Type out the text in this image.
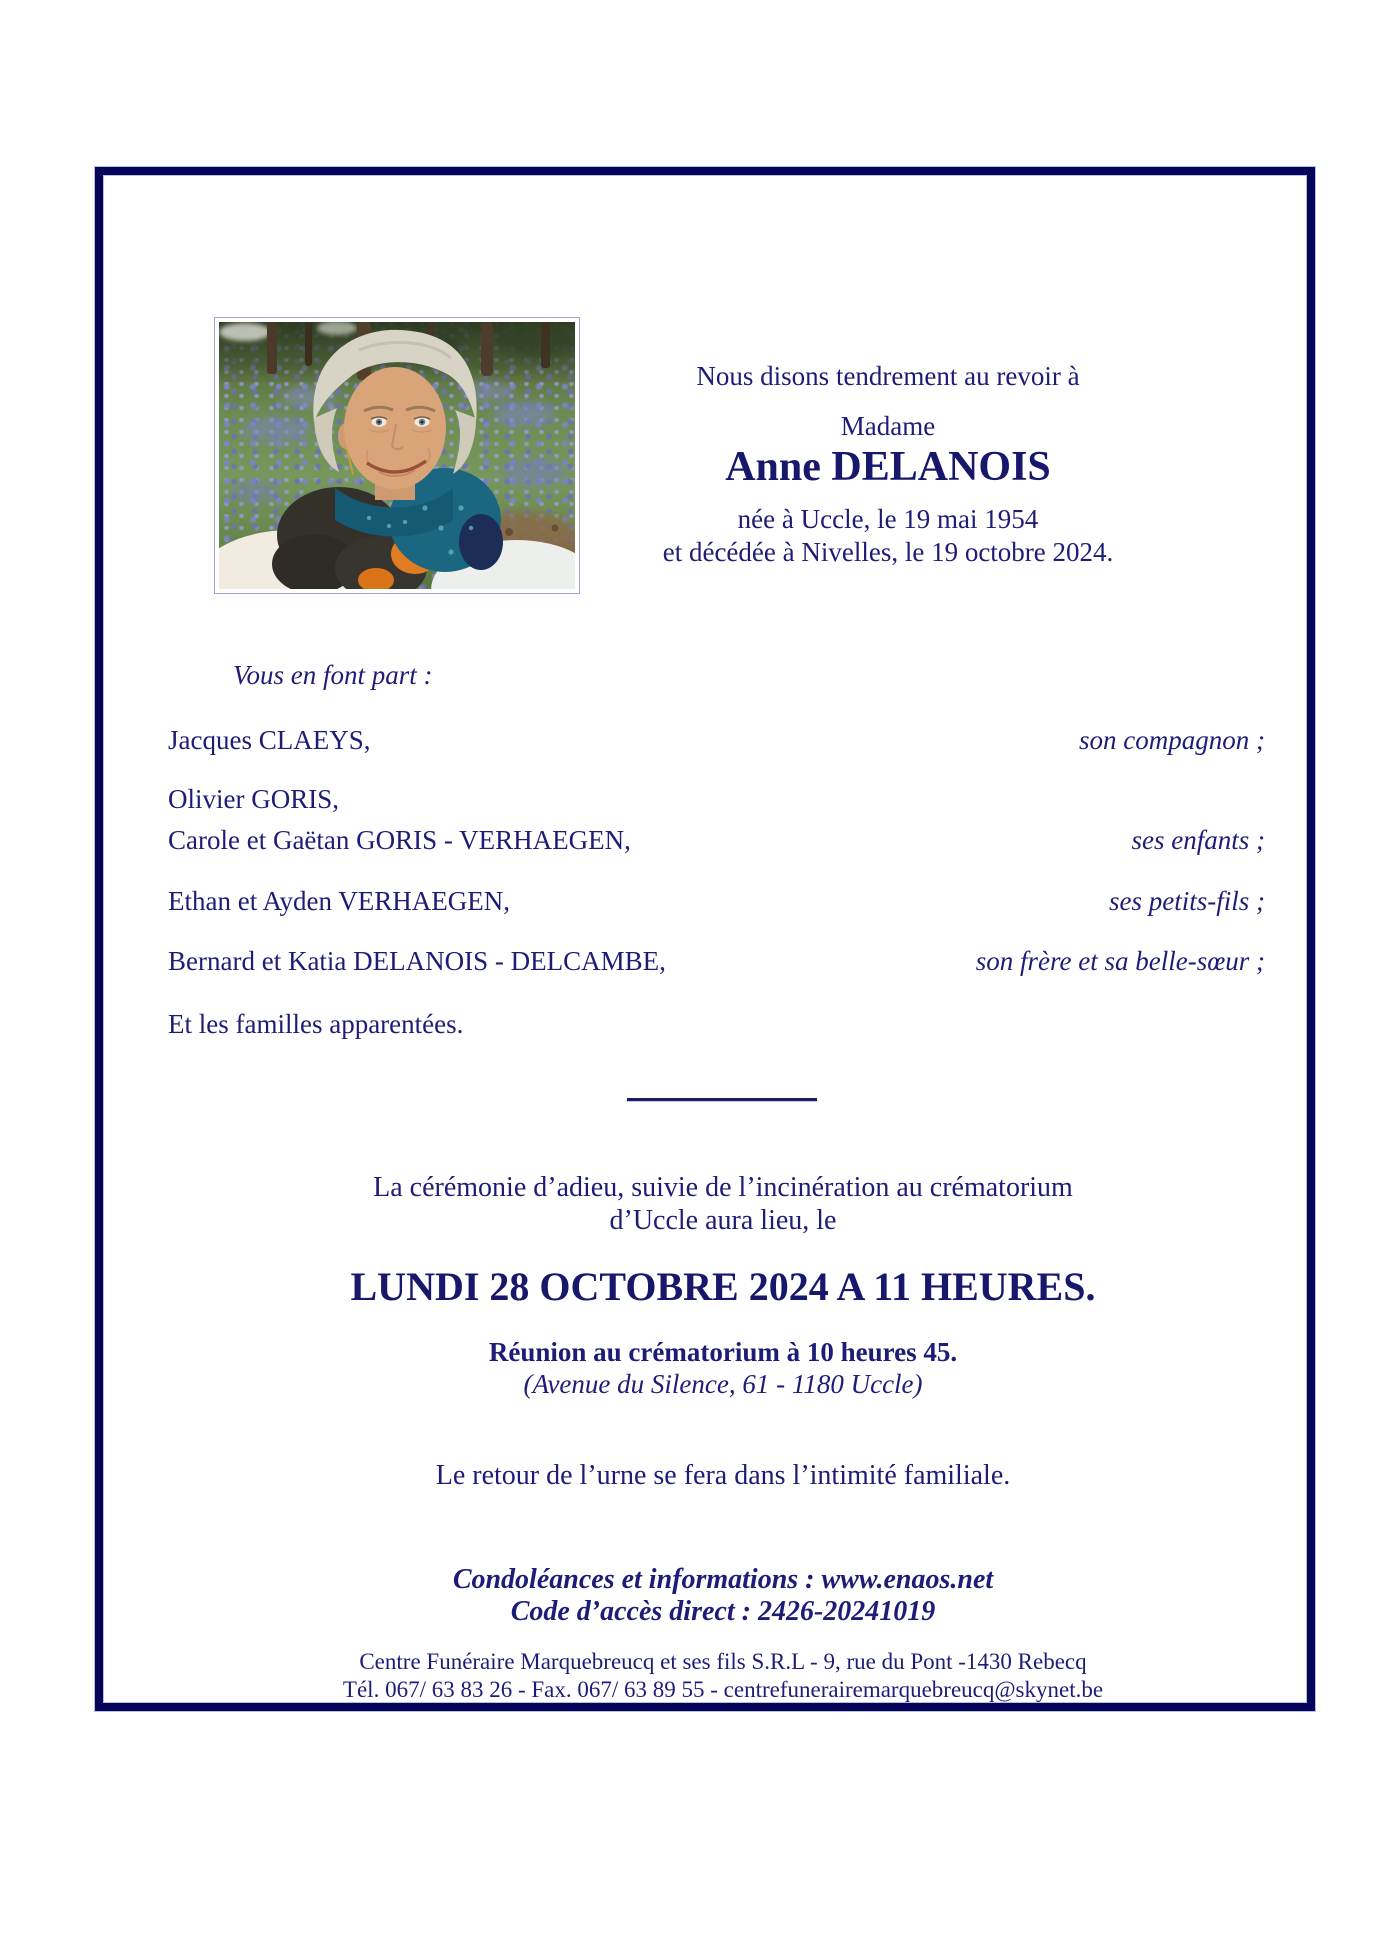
Nous disons tendrement au revoir à
Madame
Anne DELANOIS
née à Uccle, le 19 mai 1954
et décédée à Nivelles, le 19 octobre 2024.
Vous en font part :
Jacques CLAEYS,	son compagnon ;
Olivier GORIS,
Carole et Gaëtan GORIS - VERHAEGEN,	ses enfants ;
Ethan et Ayden VERHAEGEN,	ses petits-fils ;
Bernard et Katia DELANOIS - DELCAMBE,	son frère et sa belle-sœur ;
Et les familles apparentées.
La cérémonie d’adieu, suivie de l’incinération au crématorium
d’Uccle aura lieu, le
LUNDI 28 OCTOBRE 2024 A 11 HEURES.
Réunion au crématorium à 10 heures 45.
(Avenue du Silence, 61 - 1180 Uccle)
Le retour de l’urne se fera dans l’intimité familiale.
Condoléances et informations : www.enaos.net
Code d’accès direct : 2426-20241019
Centre Funéraire Marquebreucq et ses fils S.R.L - 9, rue du Pont -1430 Rebecq
Tél. 067/ 63 83 26 - Fax. 067/ 63 89 55 - centrefunerairemarquebreucq@skynet.be
